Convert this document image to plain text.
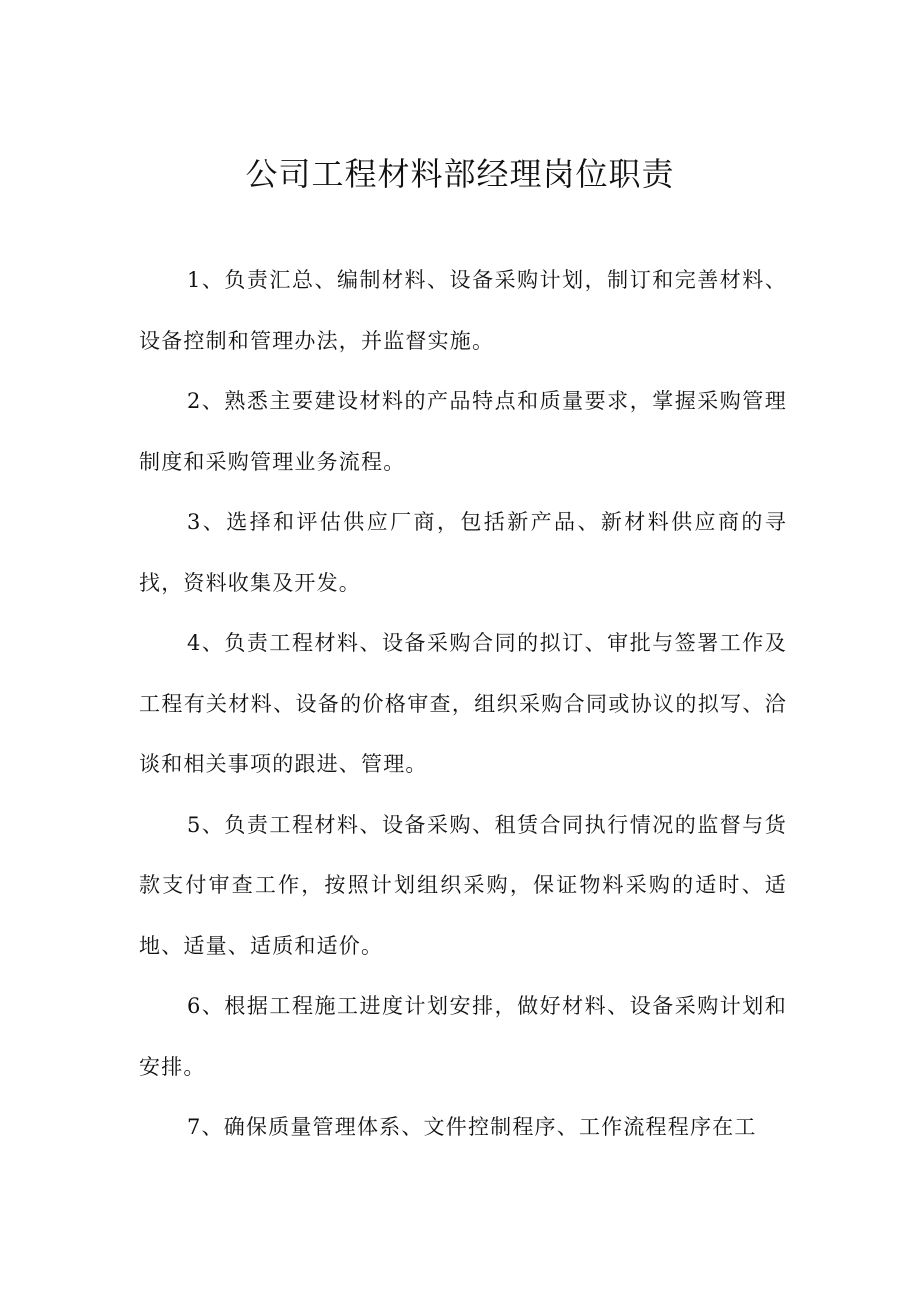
公司工程材料部经理岗位职责

1、负责汇总、编制材料、设备采购计划，制订和完善材料、设备控制和管理办法，并监督实施。

2、熟悉主要建设材料的产品特点和质量要求，掌握采购管理制度和采购管理业务流程。

3、选择和评估供应厂商，包括新产品、新材料供应商的寻找，资料收集及开发。

4、负责工程材料、设备采购合同的拟订、审批与签署工作及工程有关材料、设备的价格审查，组织采购合同或协议的拟写、洽谈和相关事项的跟进、管理。

5、负责工程材料、设备采购、租赁合同执行情况的监督与货款支付审查工作，按照计划组织采购，保证物料采购的适时、适地、适量、适质和适价。

6、根据工程施工进度计划安排，做好材料、设备采购计划和安排。

7、确保质量管理体系、文件控制程序、工作流程程序在工
